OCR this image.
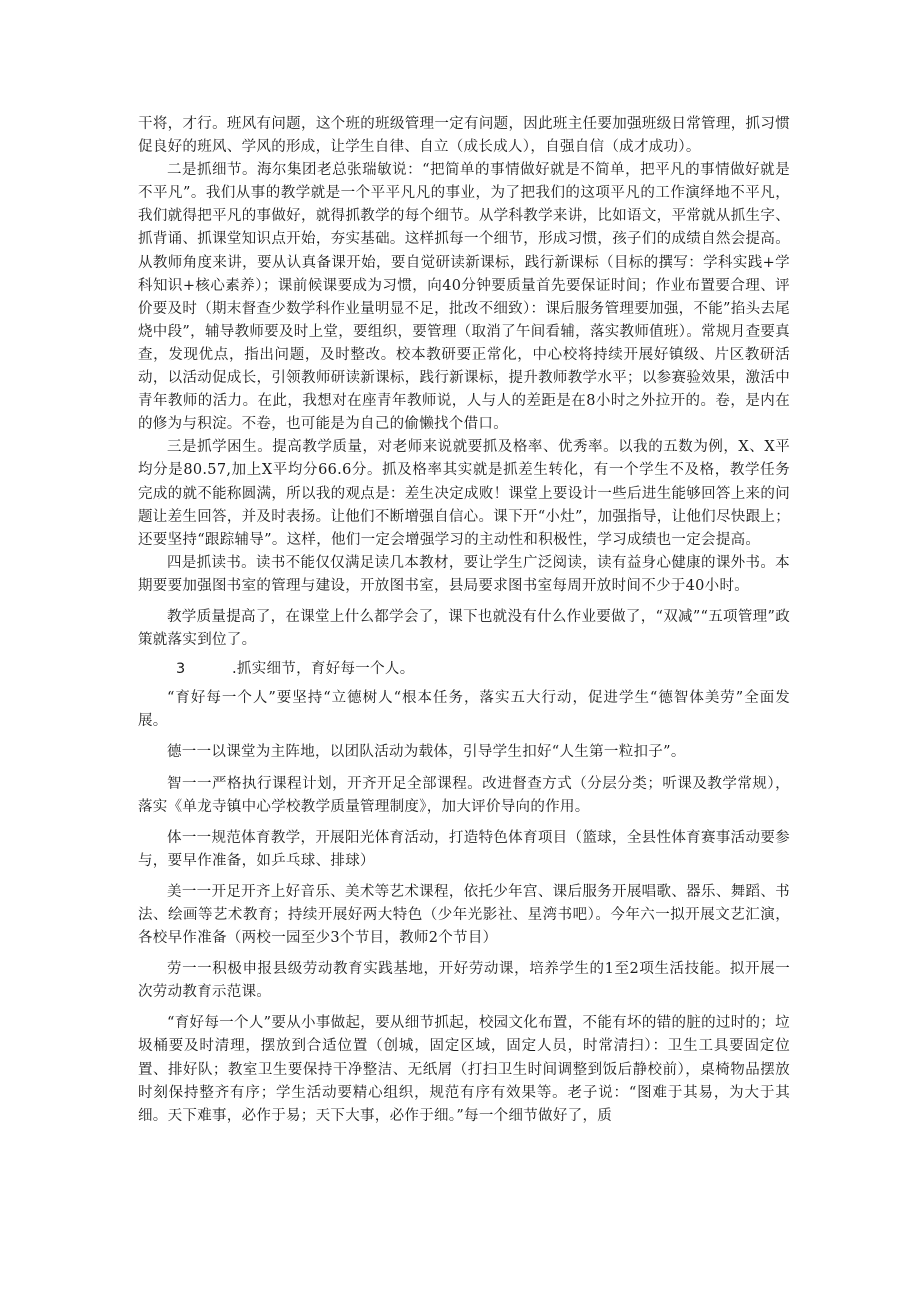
干将，才行。班风有问题，这个班的班级管理一定有问题，因此班主任要加强班级日常管理，抓习惯促良好的班风、学风的形成，让学生自律、自立（成长成人），自强自信（成才成功）。

二是抓细节。海尔集团老总张瑞敏说：“把简单的事情做好就是不简单，把平凡的事情做好就是不平凡”。我们从事的教学就是一个平平凡凡的事业，为了把我们的这项平凡的工作演绎地不平凡，我们就得把平凡的事做好，就得抓教学的每个细节。从学科教学来讲，比如语文，平常就从抓生字、抓背诵、抓课堂知识点开始，夯实基础。这样抓每一个细节，形成习惯，孩子们的成绩自然会提高。从教师角度来讲，要从认真备课开始，要自觉研读新课标，践行新课标（目标的撰写：学科实践+学科知识+核心素养）；课前候课要成为习惯，向40分钟要质量首先要保证时间；作业布置要合理、评价要及时（期末督查少数学科作业量明显不足，批改不细致）：课后服务管理要加强，不能”掐头去尾烧中段”，辅导教师要及时上堂，要组织，要管理（取消了午间看辅，落实教师值班）。常规月查要真查，发现优点，指出问题，及时整改。校本教研要正常化，中心校将持续开展好镇级、片区教研活动，以活动促成长，引领教师研读新课标，践行新课标，提升教师教学水平；以参赛验效果，激活中青年教师的活力。在此，我想对在座青年教师说，人与人的差距是在8小时之外拉开的。卷，是内在的修为与积淀。不卷，也可能是为自己的偷懒找个借口。

三是抓学困生。提高教学质量，对老师来说就要抓及格率、优秀率。以我的五数为例，X、X平均分是80.57,加上X平均分66.6分。抓及格率其实就是抓差生转化，有一个学生不及格，教学任务完成的就不能称圆满，所以我的观点是：差生决定成败！课堂上要设计一些后进生能够回答上来的问题让差生回答，并及时表扬。让他们不断增强自信心。课下开“小灶”，加强指导，让他们尽快跟上；还要坚持“跟踪辅导”。这样，他们一定会增强学习的主动性和积极性，学习成绩也一定会提高。

四是抓读书。读书不能仅仅满足读几本教材，要让学生广泛阅读，读有益身心健康的课外书。本期要要加强图书室的管理与建设，开放图书室，县局要求图书室每周开放时间不少于40小时。

教学质量提高了，在课堂上什么都学会了，课下也就没有什么作业要做了，“双减”“五项管理”政策就落实到位了。

3	.抓实细节，育好每一个人。

“育好每一个人”要坚持“立德树人“根本任务，落实五大行动，促进学生“德智体美劳”全面发展。

德一一以课堂为主阵地，以团队活动为载体，引导学生扣好“人生第一粒扣子”。

智一一严格执行课程计划，开齐开足全部课程。改进督查方式（分层分类；听课及教学常规），落实《单龙寺镇中心学校教学质量管理制度》，加大评价导向的作用。

体一一规范体育教学，开展阳光体育活动，打造特色体育项目（篮球，全县性体育赛事活动要参与，要早作准备，如乒乓球、排球）

美一一开足开齐上好音乐、美术等艺术课程，依托少年宫、课后服务开展唱歌、器乐、舞蹈、书法、绘画等艺术教育；持续开展好两大特色（少年光影社、星湾书吧）。今年六一拟开展文艺汇演，各校早作准备（两校一园至少3个节目，教师2个节目）

劳一一积极申报县级劳动教育实践基地，开好劳动课，培养学生的1至2项生活技能。拟开展一次劳动教育示范课。

“育好每一个人”要从小事做起，要从细节抓起，校园文化布置，不能有坏的错的脏的过时的；垃圾桶要及时清理，摆放到合适位置（创城，固定区域，固定人员，时常清扫）：卫生工具要固定位置、排好队；教室卫生要保持干净整洁、无纸屑（打扫卫生时间调整到饭后静校前），桌椅物品摆放时刻保持整齐有序；学生活动要精心组织，规范有序有效果等。老子说：“图难于其易，为大于其细。天下难事，必作于易；天下大事，必作于细。”每一个细节做好了，质
